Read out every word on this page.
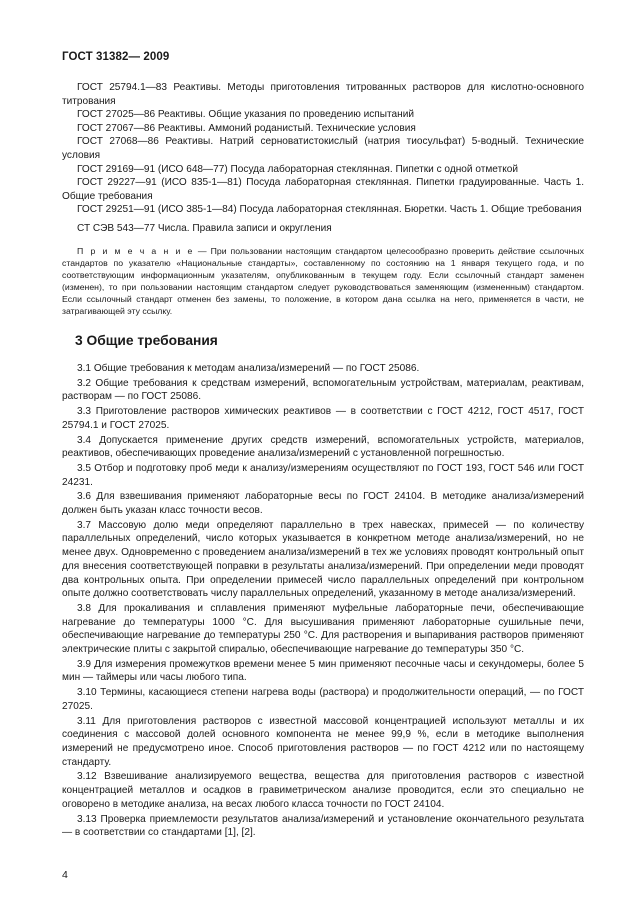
ГОСТ 31382— 2009

ГОСТ 25794.1—83 Реактивы. Методы приготовления титрованных растворов для кислотно-основного титрования

ГОСТ 27025—86 Реактивы. Общие указания по проведению испытаний

ГОСТ 27067—86 Реактивы. Аммоний роданистый. Технические условия

ГОСТ 27068—86 Реактивы. Натрий серноватистокислый (натрия тиосульфат) 5-водный. Технические условия

ГОСТ 29169—91 (ИСО 648—77) Посуда лабораторная стеклянная. Пипетки с одной отметкой

ГОСТ 29227—91 (ИСО 835-1—81) Посуда лабораторная стеклянная. Пипетки градуированные. Часть 1. Общие требования

ГОСТ 29251—91 (ИСО 385-1—84) Посуда лабораторная стеклянная. Бюретки. Часть 1. Общие требования

СТ СЭВ 543—77 Числа. Правила записи и округления

П р и м е ч а н и е — При пользовании настоящим стандартом целесообразно проверить действие ссылочных стандартов по указателю «Национальные стандарты», составленному по состоянию на 1 января текущего года, и по соответствующим информационным указателям, опубликованным в текущем году. Если ссылочный стандарт заменен (изменен), то при пользовании настоящим стандартом следует руководствоваться заменяющим (измененным) стандартом. Если ссылочный стандарт отменен без замены, то положение, в котором дана ссылка на него, применяется в части, не затрагивающей эту ссылку.
3 Общие требования

3.1 Общие требования к методам анализа/измерений — по ГОСТ 25086.

3.2 Общие требования к средствам измерений, вспомогательным устройствам, материалам, реактивам, растворам — по ГОСТ 25086.

3.3 Приготовление растворов химических реактивов — в соответствии с ГОСТ 4212, ГОСТ 4517, ГОСТ 25794.1 и ГОСТ 27025.

3.4 Допускается применение других средств измерений, вспомогательных устройств, материалов, реактивов, обеспечивающих проведение анализа/измерений с установленной погрешностью.

3.5 Отбор и подготовку проб меди к анализу/измерениям осуществляют по ГОСТ 193, ГОСТ 546 или ГОСТ 24231.

3.6 Для взвешивания применяют лабораторные весы по ГОСТ 24104. В методике анализа/измерений должен быть указан класс точности весов.

3.7 Массовую долю меди определяют параллельно в трех навесках, примесей — по количеству параллельных определений, число которых указывается в конкретном методе анализа/измерений, но не менее двух. Одновременно с проведением анализа/измерений в тех же условиях проводят контрольный опыт для внесения соответствующей поправки в результаты анализа/измерений. При определении меди проводят два контрольных опыта. При определении примесей число параллельных определений при контрольном опыте должно соответствовать числу параллельных определений, указанному в методе анализа/измерений.

3.8 Для прокаливания и сплавления применяют муфельные лабораторные печи, обеспечивающие нагревание до температуры 1000 °С. Для высушивания применяют лабораторные сушильные печи, обеспечивающие нагревание до температуры 250 °С. Для растворения и выпаривания растворов применяют электрические плиты с закрытой спиралью, обеспечивающие нагревание до температуры 350 °С.

3.9 Для измерения промежутков времени менее 5 мин применяют песочные часы и секундомеры, более 5 мин — таймеры или часы любого типа.

3.10 Термины, касающиеся степени нагрева воды (раствора) и продолжительности операций, — по ГОСТ 27025.

3.11 Для приготовления растворов с известной массовой концентрацией используют металлы и их соединения с массовой долей основного компонента не менее 99,9 %, если в методике выполнения измерений не предусмотрено иное. Способ приготовления растворов — по ГОСТ 4212 или по настоящему стандарту.

3.12 Взвешивание анализируемого вещества, вещества для приготовления растворов с известной концентрацией металлов и осадков в гравиметрическом анализе проводится, если это специально не оговорено в методике анализа, на весах любого класса точности по ГОСТ 24104.

3.13 Проверка приемлемости результатов анализа/измерений и установление окончательного результата — в соответствии со стандартами [1], [2].

4
